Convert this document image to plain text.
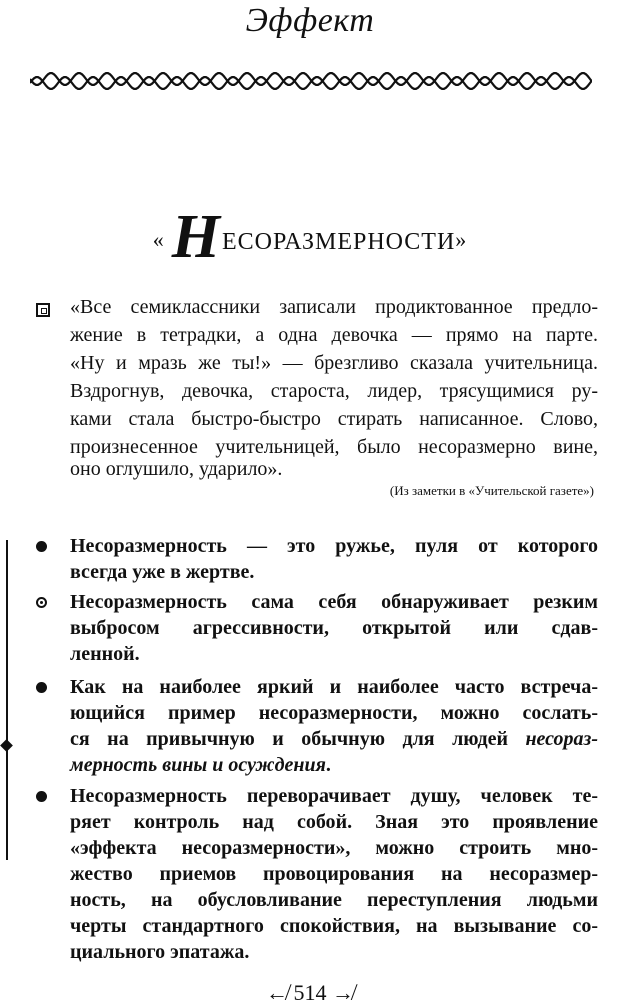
Эффект
« НЕСОРАЗМЕРНОСТИ»
«Все семиклассники записали продиктованное предло-
жение в тетрадки, а одна девочка — прямо на парте.
«Ну и мразь же ты!» — брезгливо сказала учительница.
Вздрогнув, девочка, староста, лидер, трясущимися ру-
ками стала быстро-быстро стирать написанное. Слово,
произнесенное учительницей, было несоразмерно вине,
оно оглушило, ударило».
(Из заметки в «Учительской газете»)
Несоразмерность — это ружье, пуля от которого
всегда уже в жертве.
Несоразмерность сама себя обнаруживает резким
выбросом агрессивности, открытой или сдав-
ленной.
Как на наиболее яркий и наиболее часто встреча-
ющийся пример несоразмерности, можно сослать-
ся на привычную и обычную для людей несораз-
мерность вины и осуждения.
Несоразмерность переворачивает душу, человек те-
ряет контроль над собой. Зная это проявление
«эффекта несоразмерности», можно строить мно-
жество приемов провоцирования на несоразмер-
ность, на обусловливание переступления людьми
черты стандартного спокойствия, на вызывание со-
циального эпатажа.
↚ 514 ↛
